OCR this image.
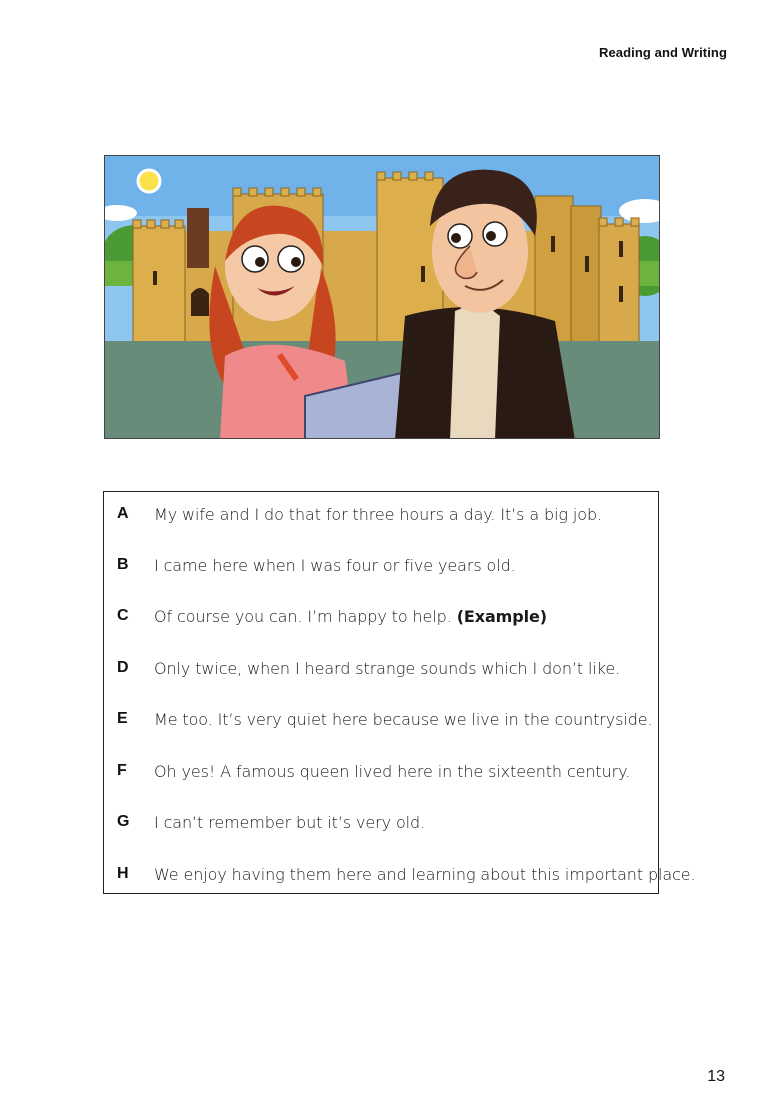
Reading and Writing
A	My wife and I do that for three hours a day. It’s a big job.
B	I came here when I was four or five years old.
C	Of course you can. I’m happy to help. (Example)
D	Only twice, when I heard strange sounds which I don’t like.
E	Me too. It’s very quiet here because we live in the countryside.
F	Oh yes! A famous queen lived here in the sixteenth century.
G	I can’t remember but it’s very old.
H	We enjoy having them here and learning about this important place.
13
